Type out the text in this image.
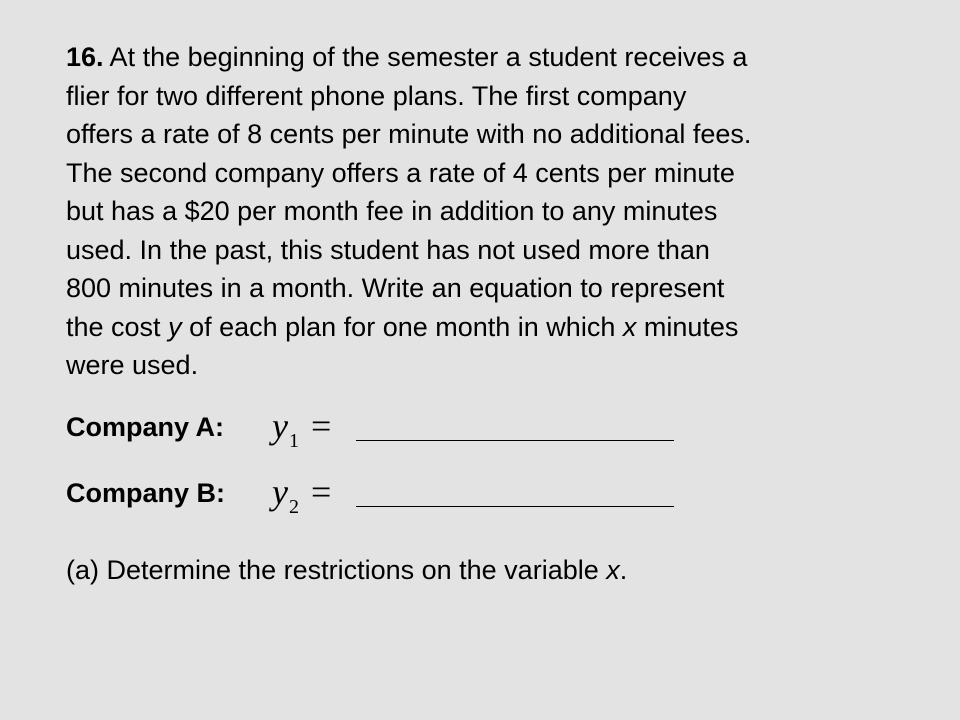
16. At the beginning of the semester a student receives a
flier for two different phone plans. The first company
offers a rate of 8 cents per minute with no additional fees.
The second company offers a rate of 4 cents per minute
but has a $20 per month fee in addition to any minutes
used. In the past, this student has not used more than
800 minutes in a month. Write an equation to represent
the cost y of each plan for one month in which x minutes
were used.
Company A: $y_1$ =
Company B: $y_2$ =
(a) Determine the restrictions on the variable x.
